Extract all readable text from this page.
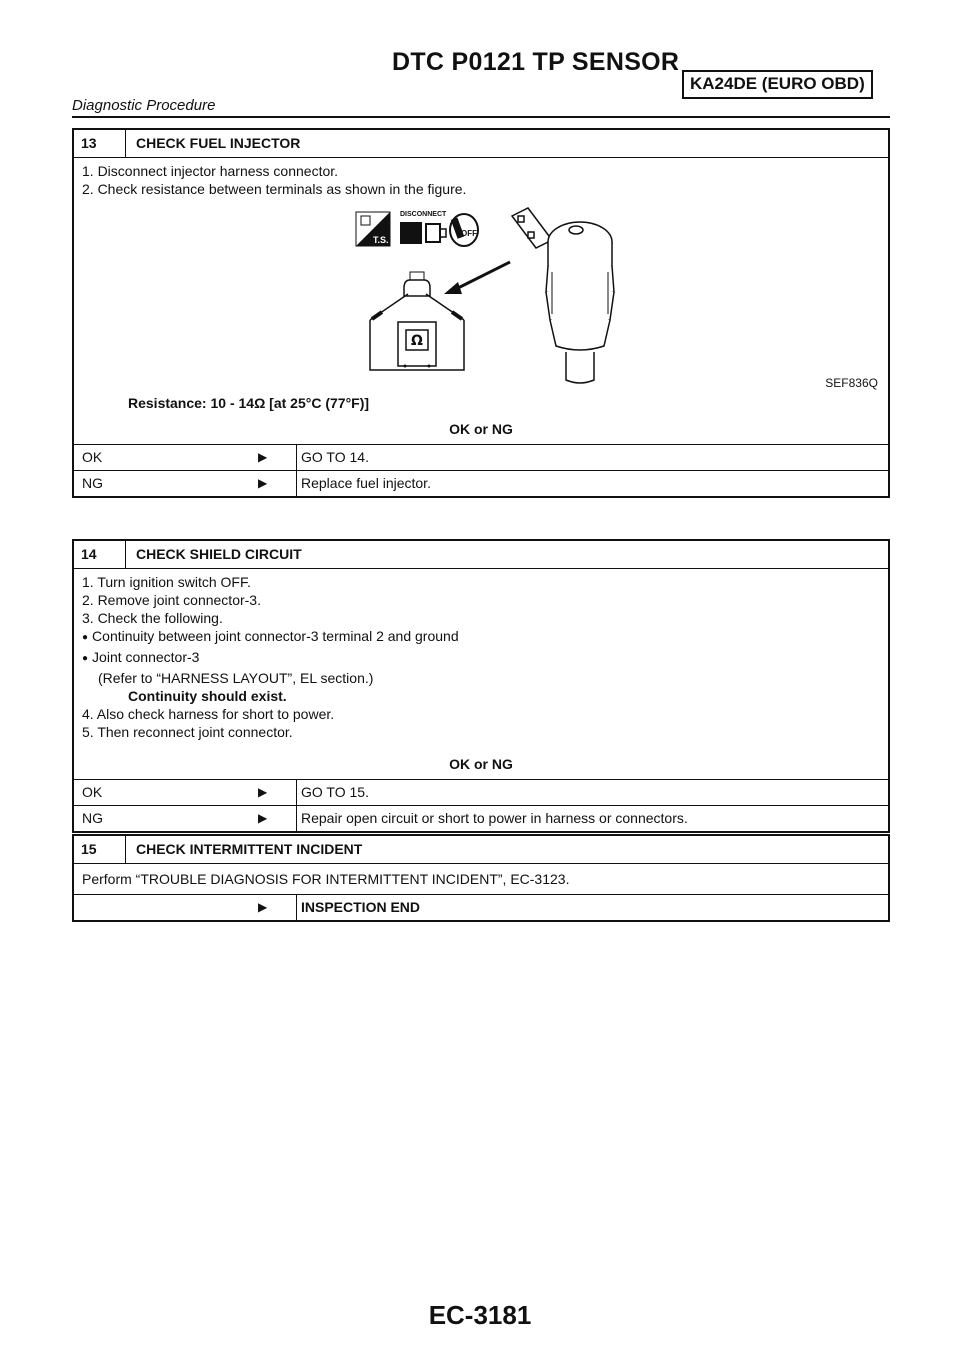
DTC P0121 TP SENSOR
KA24DE (EURO OBD)
Diagnostic Procedure
13	CHECK FUEL INJECTOR
1. Disconnect injector harness connector.
2. Check resistance between terminals as shown in the figure.
T.S.
DISCONNECT
OFF
Ω
SEF836Q
Resistance: 10 - 14Ω [at 25°C (77°F)]
OK or NG
OK	▶	GO TO 14.
NG	▶	Replace fuel injector.
14	CHECK SHIELD CIRCUIT
1. Turn ignition switch OFF.
2. Remove joint connector-3.
3. Check the following.
● Continuity between joint connector-3 terminal 2 and ground
● Joint connector-3
(Refer to “HARNESS LAYOUT”, EL section.)
Continuity should exist.
4. Also check harness for short to power.
5. Then reconnect joint connector.
OK or NG
OK	▶	GO TO 15.
NG	▶	Repair open circuit or short to power in harness or connectors.
15	CHECK INTERMITTENT INCIDENT
Perform “TROUBLE DIAGNOSIS FOR INTERMITTENT INCIDENT”, EC-3123.
▶	INSPECTION END
EC-3181
